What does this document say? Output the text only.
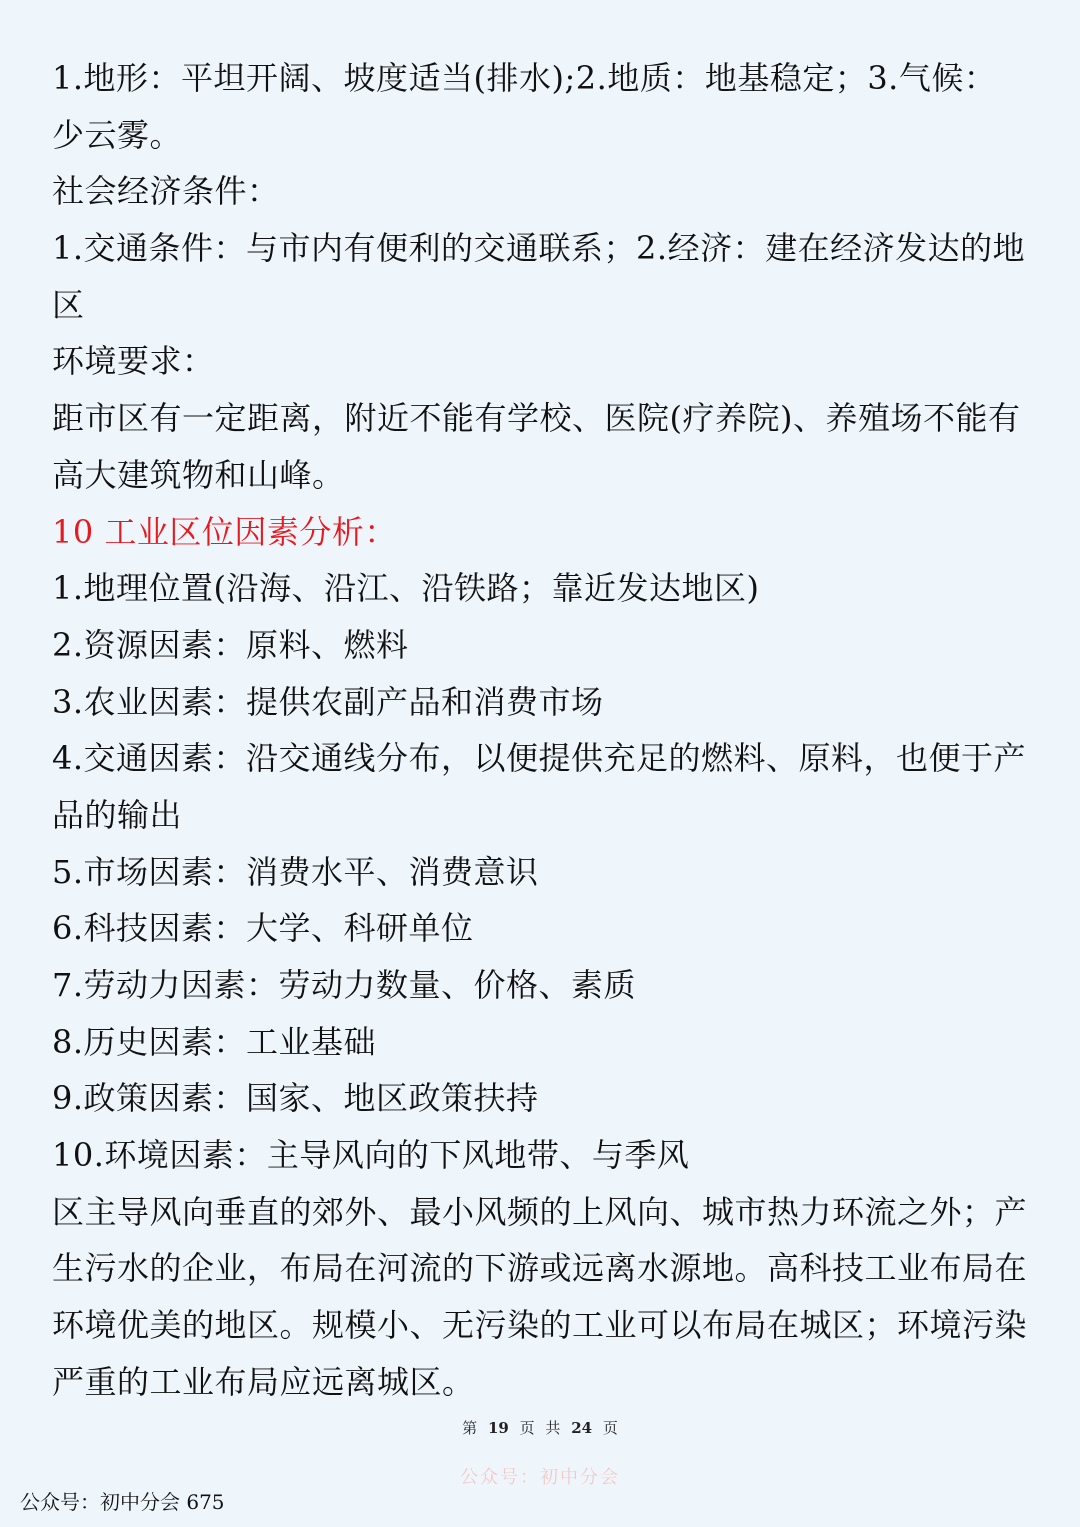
1.地形：平坦开阔、坡度适当(排水);2.地质：地基稳定；3.气候：
少云雾。
社会经济条件：
1.交通条件：与市内有便利的交通联系；2.经济：建在经济发达的地
区
环境要求：
距市区有一定距离，附近不能有学校、医院(疗养院)、养殖场不能有
高大建筑物和山峰。
10 工业区位因素分析：
1.地理位置(沿海、沿江、沿铁路；靠近发达地区)
2.资源因素：原料、燃料
3.农业因素：提供农副产品和消费市场
4.交通因素：沿交通线分布，以便提供充足的燃料、原料，也便于产
品的输出
5.市场因素：消费水平、消费意识
6.科技因素：大学、科研单位
7.劳动力因素：劳动力数量、价格、素质
8.历史因素：工业基础
9.政策因素：国家、地区政策扶持
10.环境因素：主导风向的下风地带、与季风
区主导风向垂直的郊外、最小风频的上风向、城市热力环流之外；产
生污水的企业，布局在河流的下游或远离水源地。高科技工业布局在
环境优美的地区。规模小、无污染的工业可以布局在城区；环境污染
严重的工业布局应远离城区。
第 19 页 共 24 页
公众号：初中分会
公众号：初中分会 675
